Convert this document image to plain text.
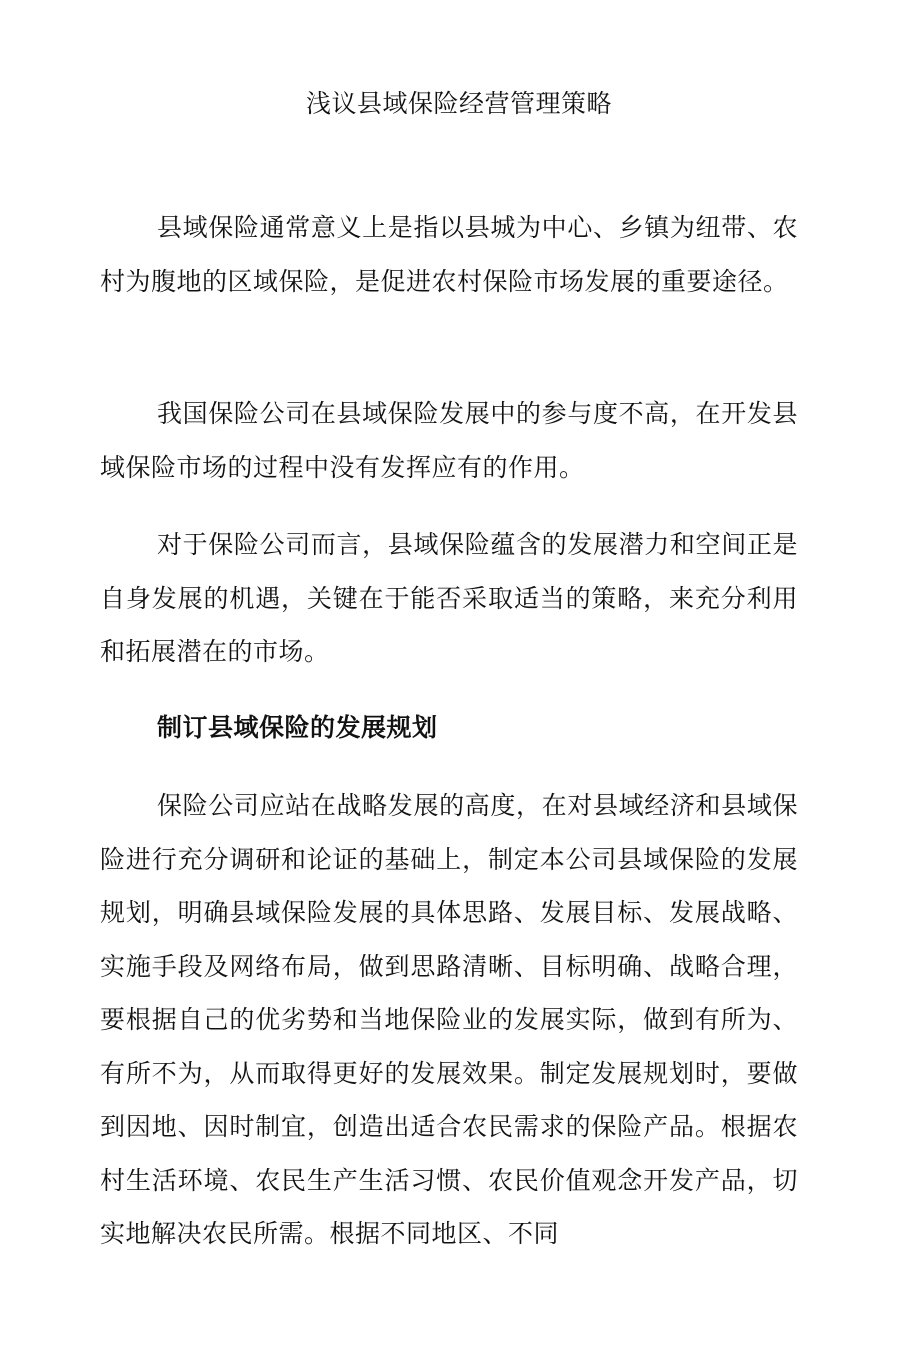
浅议县域保险经营管理策略

县域保险通常意义上是指以县城为中心、乡镇为纽带、农村为腹地的区域保险，是促进农村保险市场发展的重要途径。

我国保险公司在县域保险发展中的参与度不高，在开发县域保险市场的过程中没有发挥应有的作用。

对于保险公司而言，县域保险蕴含的发展潜力和空间正是自身发展的机遇，关键在于能否采取适当的策略，来充分利用和拓展潜在的市场。

制订县域保险的发展规划

保险公司应站在战略发展的高度，在对县域经济和县域保险进行充分调研和论证的基础上，制定本公司县域保险的发展规划，明确县域保险发展的具体思路、发展目标、发展战略、实施手段及网络布局，做到思路清晰、目标明确、战略合理，要根据自己的优劣势和当地保险业的发展实际，做到有所为、有所不为，从而取得更好的发展效果。制定发展规划时，要做到因地、因时制宜，创造出适合农民需求的保险产品。根据农村生活环境、农民生产生活习惯、农民价值观念开发产品，切实地解决农民所需。根据不同地区、不同
